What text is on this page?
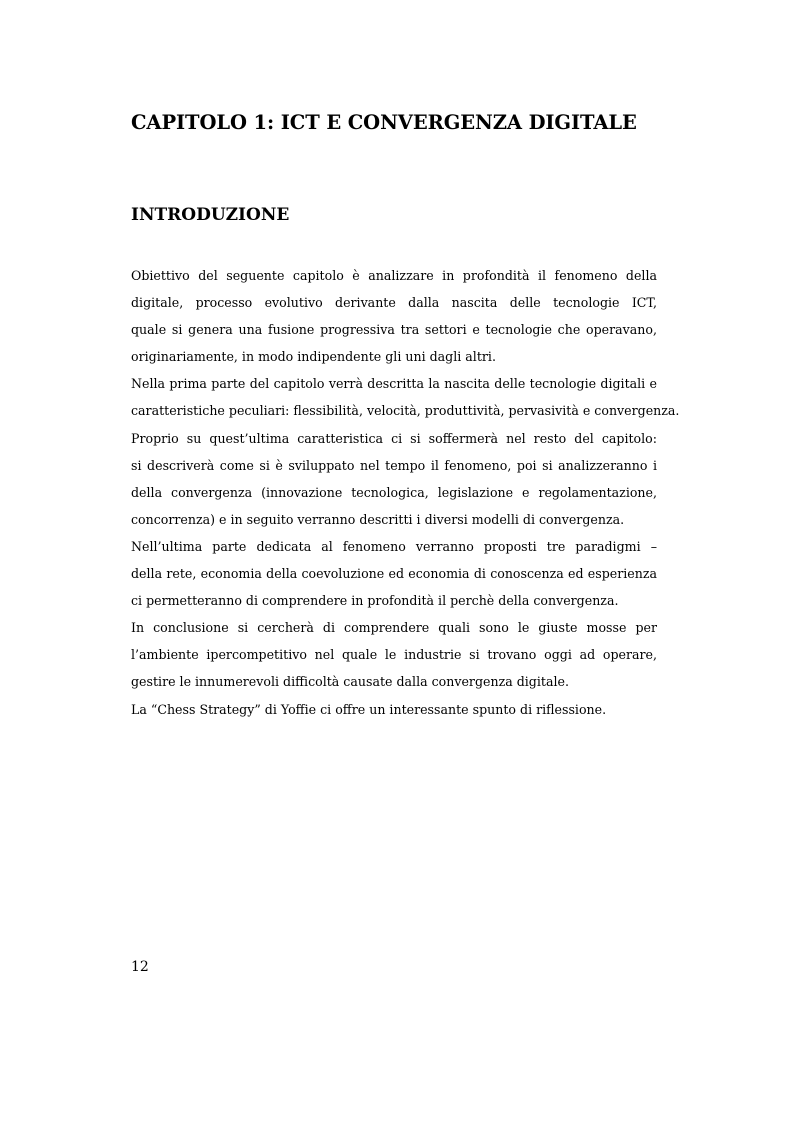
CAPITOLO 1: ICT E CONVERGENZA DIGITALE
INTRODUZIONE
Obiettivo del seguente capitolo è analizzare in profondità il fenomeno della
digitale, processo evolutivo derivante dalla nascita delle tecnologie ICT,
quale si genera una fusione progressiva tra settori e tecnologie che operavano,
originariamente, in modo indipendente gli uni dagli altri.
Nella prima parte del capitolo verrà descritta la nascita delle tecnologie digitali e
caratteristiche peculiari: flessibilità, velocità, produttività, pervasività e convergenza.
Proprio su quest’ultima caratteristica ci si soffermerà nel resto del capitolo:
si descriverà come si è sviluppato nel tempo il fenomeno, poi si analizzeranno i
della convergenza (innovazione tecnologica, legislazione e regolamentazione,
concorrenza) e in seguito verranno descritti i diversi modelli di convergenza.
Nell’ultima parte dedicata al fenomeno verranno proposti tre paradigmi –
della rete, economia della coevoluzione ed economia di conoscenza ed esperienza
ci permetteranno di comprendere in profondità il perchè della convergenza.
In conclusione si cercherà di comprendere quali sono le giuste mosse per
l’ambiente ipercompetitivo nel quale le industrie si trovano oggi ad operare,
gestire le innumerevoli difficoltà causate dalla convergenza digitale.
La “Chess Strategy” di Yoffie ci offre un interessante spunto di riflessione.
12
